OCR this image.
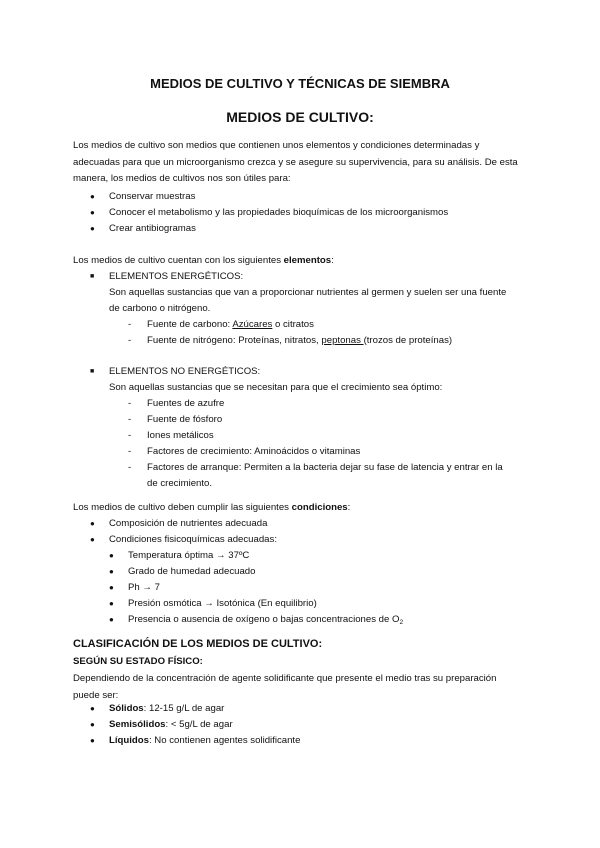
MEDIOS DE CULTIVO Y TÉCNICAS DE SIEMBRA
MEDIOS DE CULTIVO:

Los medios de cultivo son medios que contienen unos elementos y condiciones determinadas y adecuadas para que un microorganismo crezca y se asegure su supervivencia, para su análisis. De esta manera, los medios de cultivos nos son útiles para:

● Conservar muestras
● Conocer el metabolismo y las propiedades bioquímicas de los microorganismos
● Crear antibiogramas

Los medios de cultivo cuentan con los siguientes elementos:

■ ELEMENTOS ENERGÉTICOS:
Son aquellas sustancias que van a proporcionar nutrientes al germen y suelen ser una fuente
de carbono o nitrógeno.
- Fuente de carbono: Azúcares o citratos
- Fuente de nitrógeno: Proteínas, nitratos, peptonas (trozos de proteínas)
■ ELEMENTOS NO ENERGÉTICOS:
Son aquellas sustancias que se necesitan para que el crecimiento sea óptimo:
- Fuentes de azufre
- Fuente de fósforo
- Iones metálicos
- Factores de crecimiento: Aminoácidos o vitaminas
- Factores de arranque: Permiten a la bacteria dejar su fase de latencia y entrar en la
de crecimiento.

Los medios de cultivo deben cumplir las siguientes condiciones:

● Composición de nutrientes adecuada
● Condiciones fisicoquímicas adecuadas:
● Temperatura óptima → 37ºC
● Grado de humedad adecuado
● Ph → 7
● Presión osmótica → Isotónica (En equilibrio)
● Presencia o ausencia de oxígeno o bajas concentraciones de $O_2$
CLASIFICACIÓN DE LOS MEDIOS DE CULTIVO:
SEGÚN SU ESTADO FÍSICO:

Dependiendo de la concentración de agente solidificante que presente el medio tras su preparación puede ser:

● Sólidos: 12-15 g/L de agar
● Semisólidos: < 5g/L de agar
● Líquidos: No contienen agentes solidificante
